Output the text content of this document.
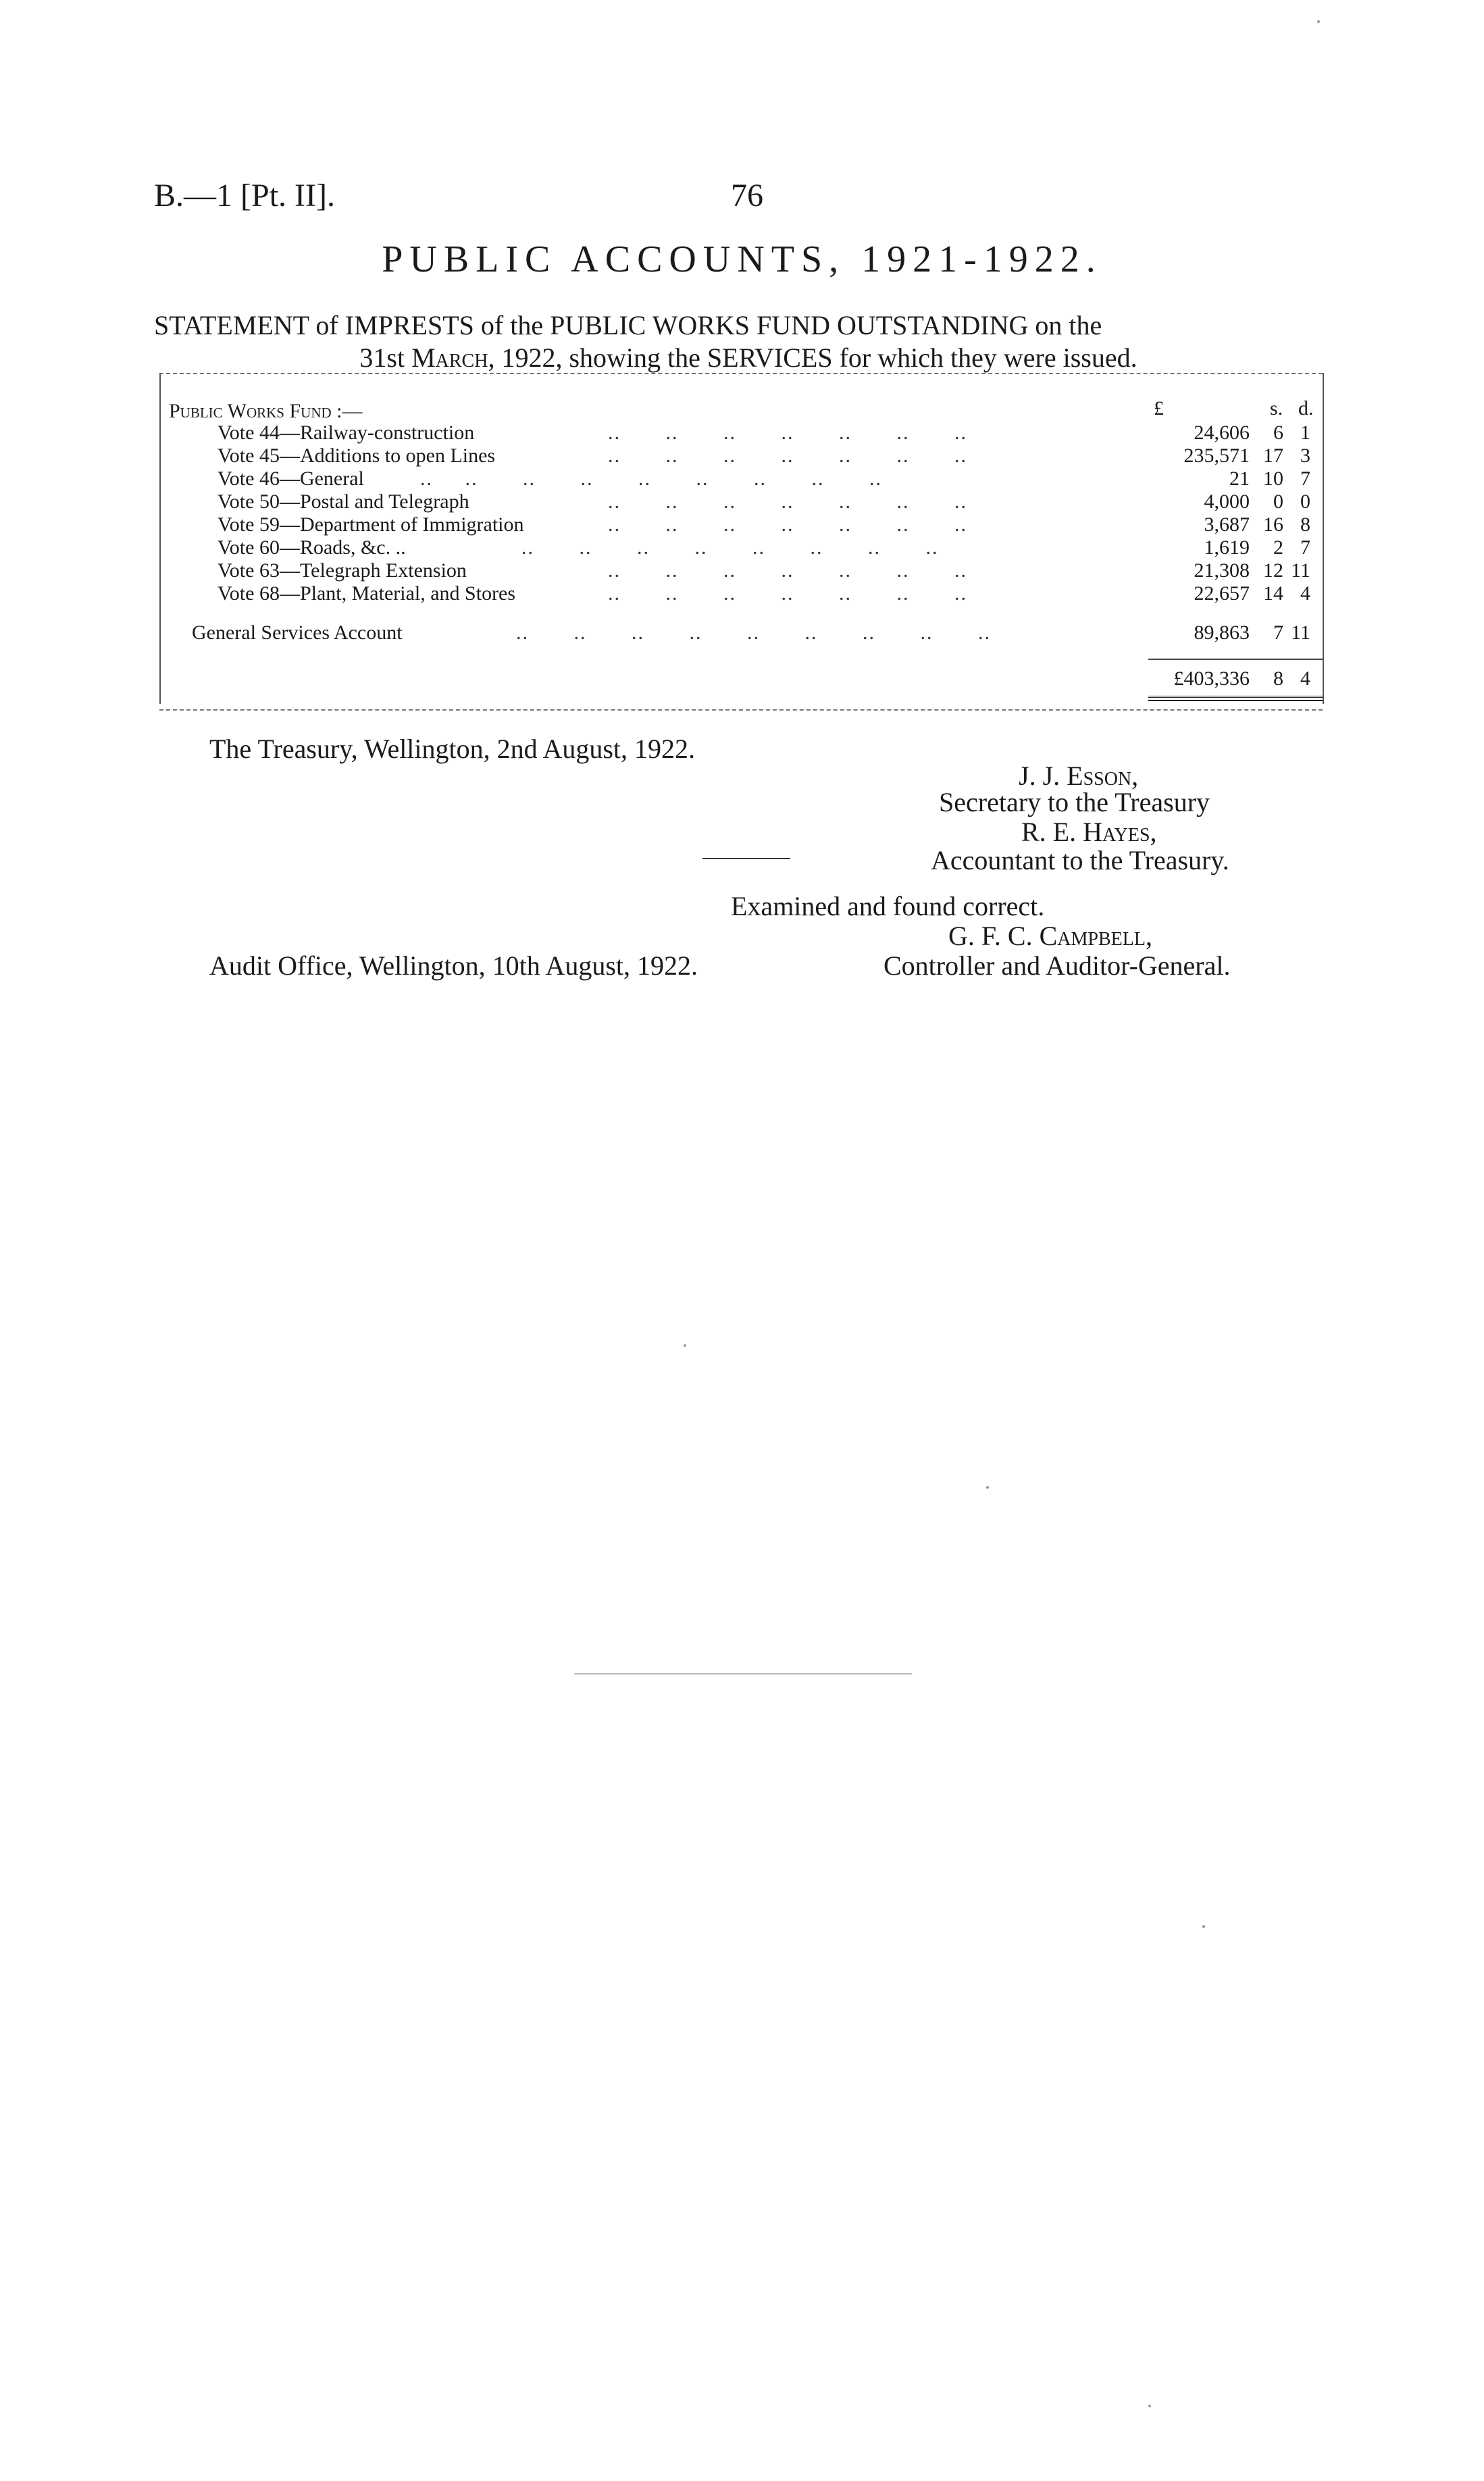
B.—1 [Pt. II].	76
PUBLIC ACCOUNTS, 1921-1922.
STATEMENT of IMPRESTS of the PUBLIC WORKS FUND OUTSTANDING on the
31st March, 1922, showing the SERVICES for which they were issued.
£	s. d.
Public Works Fund :—
Vote 44—Railway-construction	..       ..       ..       ..       ..       ..       ..	24,606	6 1
Vote 45—Additions to open Lines	..       ..       ..       ..       ..       ..       ..	235,571 17 3
Vote 46—General	..     ..       ..       ..       ..       ..       ..       ..       ..	21 10 7
Vote 50—Postal and Telegraph	..       ..       ..       ..       ..       ..       ..	4,000	0 0
Vote 59—Department of Immigration	..       ..       ..       ..       ..       ..       ..	3,687 16 8
Vote 60—Roads, &c. ..	..       ..       ..       ..       ..       ..       ..       ..	1,619	2 7
Vote 63—Telegraph Extension	..       ..       ..       ..       ..       ..       ..	21,308 12 11
Vote 68—Plant, Material, and Stores	..       ..       ..       ..       ..       ..       ..	22,657 14 4
General Services Account	..       ..       ..       ..       ..       ..       ..       ..       ..	89,863	7 11
£403,336	8 4
The Treasury, Wellington, 2nd August, 1922.
J. J. Esson,
Secretary to the Treasury
R. E. Hayes,
Accountant to the Treasury.
Examined and found correct.
G. F. C. Campbell,
Controller and Auditor-General.
Audit Office, Wellington, 10th August, 1922.
